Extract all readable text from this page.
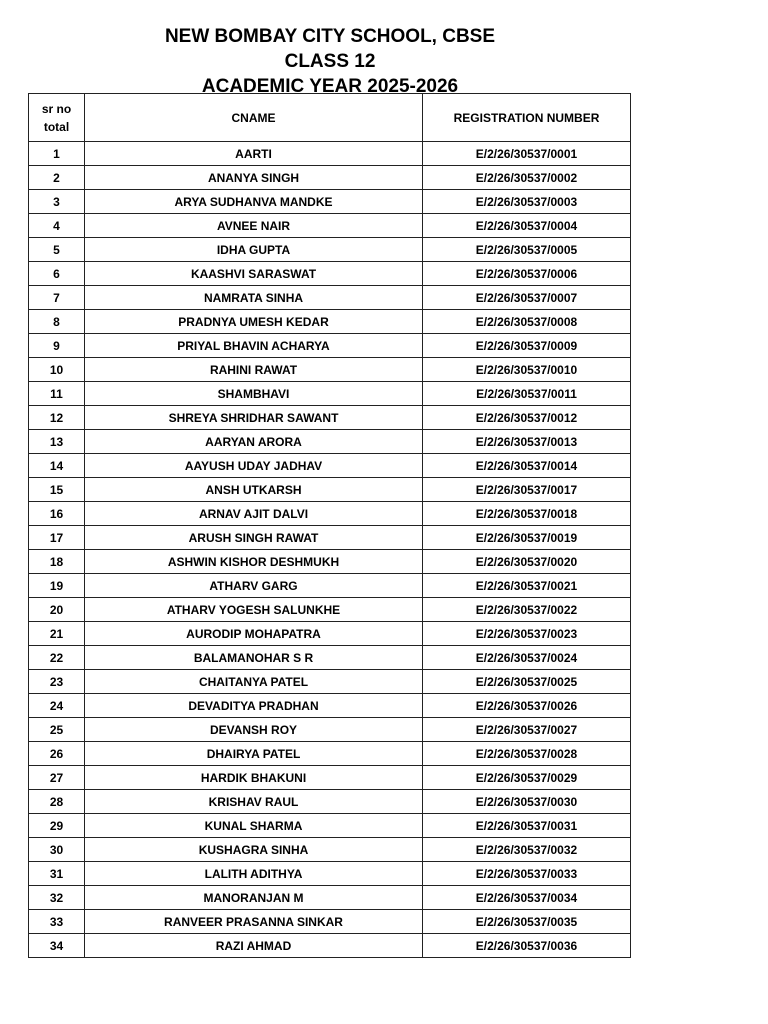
NEW BOMBAY CITY SCHOOL, CBSE
CLASS 12
ACADEMIC YEAR 2025-2026
sr no total	CNAME	REGISTRATION NUMBER
1	AARTI	E/2/26/30537/0001
2	ANANYA SINGH	E/2/26/30537/0002
3	ARYA SUDHANVA MANDKE	E/2/26/30537/0003
4	AVNEE NAIR	E/2/26/30537/0004
5	IDHA GUPTA	E/2/26/30537/0005
6	KAASHVI SARASWAT	E/2/26/30537/0006
7	NAMRATA SINHA	E/2/26/30537/0007
8	PRADNYA UMESH KEDAR	E/2/26/30537/0008
9	PRIYAL BHAVIN ACHARYA	E/2/26/30537/0009
10	RAHINI RAWAT	E/2/26/30537/0010
11	SHAMBHAVI	E/2/26/30537/0011
12	SHREYA SHRIDHAR SAWANT	E/2/26/30537/0012
13	AARYAN ARORA	E/2/26/30537/0013
14	AAYUSH UDAY JADHAV	E/2/26/30537/0014
15	ANSH UTKARSH	E/2/26/30537/0017
16	ARNAV AJIT DALVI	E/2/26/30537/0018
17	ARUSH SINGH RAWAT	E/2/26/30537/0019
18	ASHWIN KISHOR DESHMUKH	E/2/26/30537/0020
19	ATHARV GARG	E/2/26/30537/0021
20	ATHARV YOGESH SALUNKHE	E/2/26/30537/0022
21	AURODIP MOHAPATRA	E/2/26/30537/0023
22	BALAMANOHAR S R	E/2/26/30537/0024
23	CHAITANYA PATEL	E/2/26/30537/0025
24	DEVADITYA PRADHAN	E/2/26/30537/0026
25	DEVANSH ROY	E/2/26/30537/0027
26	DHAIRYA PATEL	E/2/26/30537/0028
27	HARDIK BHAKUNI	E/2/26/30537/0029
28	KRISHAV RAUL	E/2/26/30537/0030
29	KUNAL SHARMA	E/2/26/30537/0031
30	KUSHAGRA SINHA	E/2/26/30537/0032
31	LALITH ADITHYA	E/2/26/30537/0033
32	MANORANJAN M	E/2/26/30537/0034
33	RANVEER PRASANNA SINKAR	E/2/26/30537/0035
34	RAZI AHMAD	E/2/26/30537/0036
